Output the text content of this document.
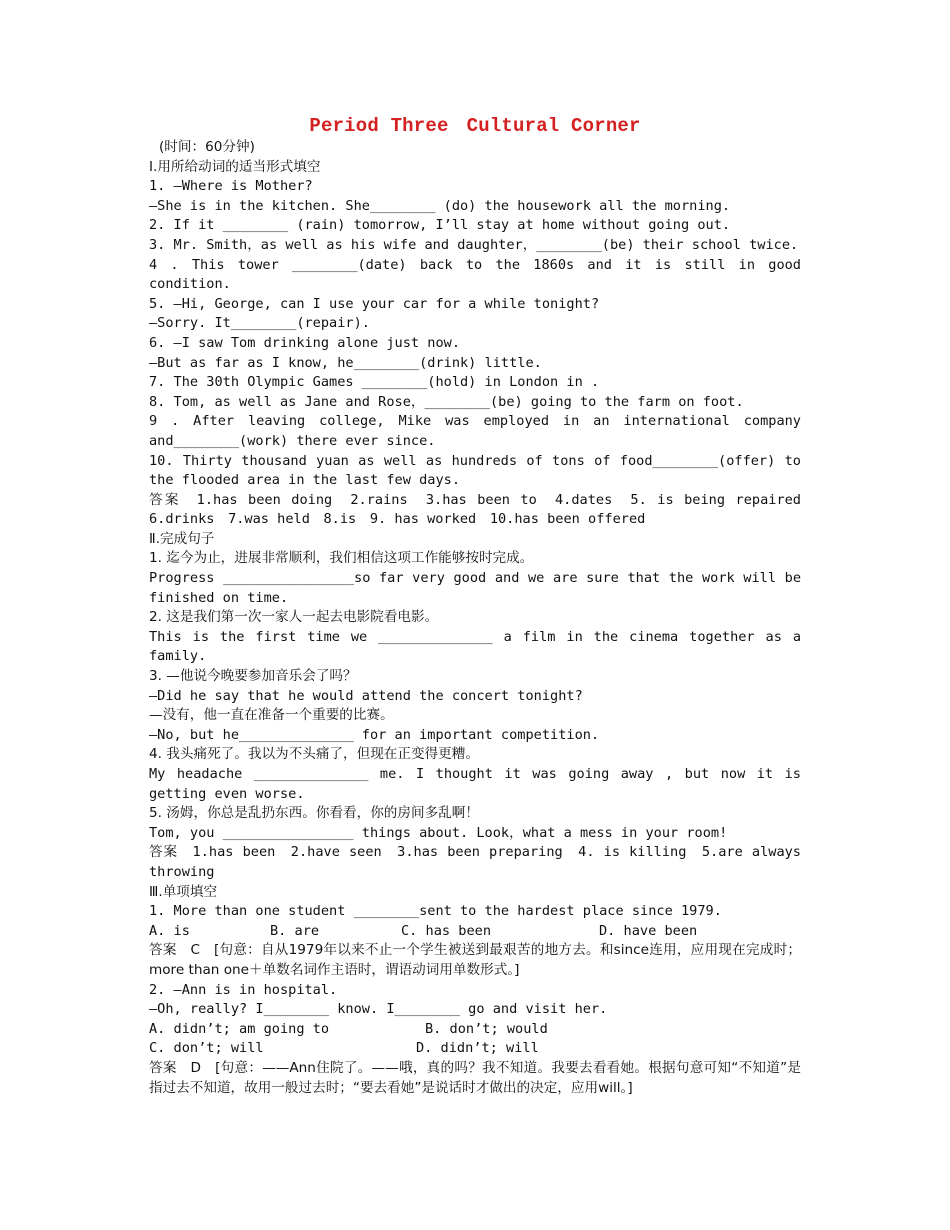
Period Three Cultural Corner
(时间：60分钟)
Ⅰ.用所给动词的适当形式填空
1. —Where is Mother?
—She is in the kitchen. She________ (do) the housework all the morning.
2. If it ________ (rain) tomorrow, I’ll stay at home without going out.
3. Mr. Smith，as well as his wife and daughter，________(be) their school twice.
4 . This tower ________(date) back to the 1860s and it is still in good condition.
5. —Hi, George, can I use your car for a while tonight?
—Sorry. It________(repair).
6. —I saw Tom drinking alone just now.
—But as far as I know, he________(drink) little.
7. The 30th Olympic Games ________(hold) in London in .
8. Tom, as well as Jane and Rose，________(be) going to the farm on foot.
9 . After leaving college, Mike was employed in an international company and________(work) there ever since.
10. Thirty thousand yuan as well as hundreds of tons of food________(offer) to the flooded area in the last few days.
答案　1.has been doing　2.rains　3.has been to　4.dates　5. is being repaired　6.drinks　7.was held　8.is　9. has worked　10.has been offered
Ⅱ.完成句子
1. 迄今为止，进展非常顺利，我们相信这项工作能够按时完成。
Progress ________________so far very good and we are sure that the work will be finished on time.
2. 这是我们第一次一家人一起去电影院看电影。
This is the first time we ______________ a film in the cinema together as a family.
3. —他说今晚要参加音乐会了吗？
—Did he say that he would attend the concert tonight?
—没有，他一直在准备一个重要的比赛。
—No, but he______________ for an important competition.
4. 我头痛死了。我以为不头痛了，但现在正变得更糟。
My headache ______________ me. I thought it was going away , but now it is getting even worse.
5. 汤姆，你总是乱扔东西。你看看，你的房间多乱啊！
Tom, you ________________ things about. Look，what a mess in your room!
答案　1.has been　2.have seen　3.has been preparing　4. is killing　5.are always throwing
Ⅲ.单项填空
1. More than one student ________sent to the hardest place since 1979.
A. is	B. are	C. has been	D. have been
答案　C　[句意：自从1979年以来不止一个学生被送到最艰苦的地方去。和since连用，应用现在完成时；more than one＋单数名词作主语时，谓语动词用单数形式。]
2. —Ann is in hospital.
—Oh, really? I________ know. I________ go and visit her.
A. didn’t; am going to	B. don’t; would
C. don’t; will	D. didn’t; will
答案　D　[句意：——Ann住院了。——哦，真的吗？我不知道。我要去看看她。根据句意可知“不知道”是指过去不知道，故用一般过去时；“要去看她”是说话时才做出的决定，应用will。]
